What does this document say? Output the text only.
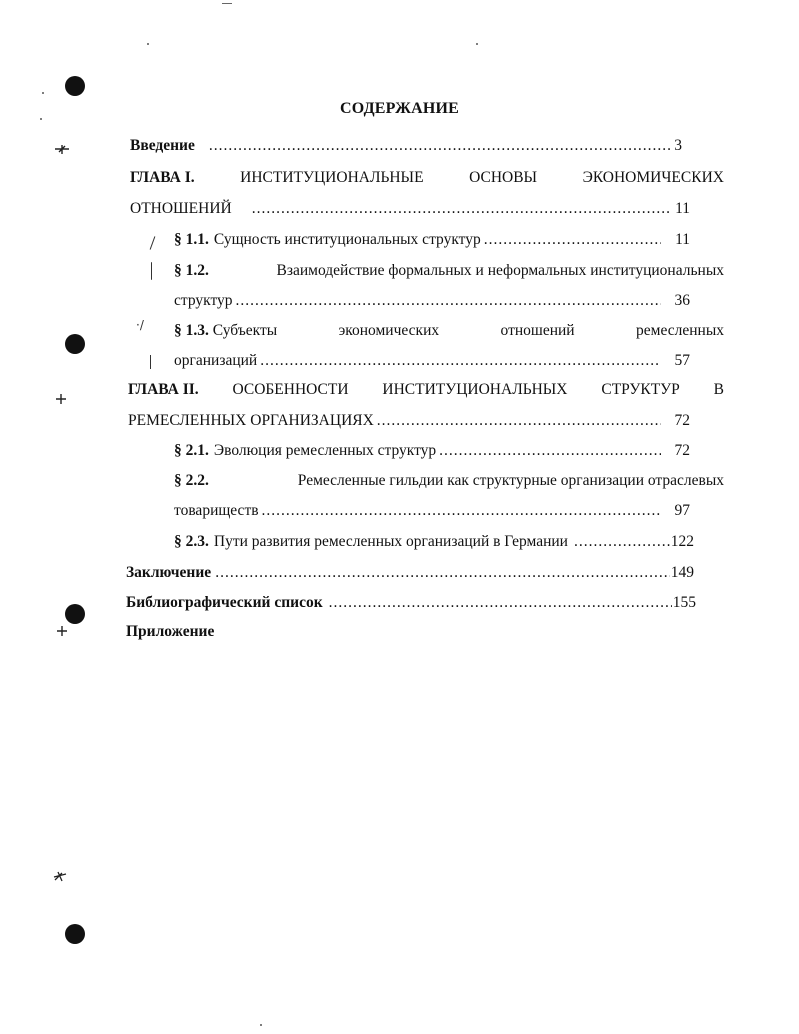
·/
СОДЕРЖАНИЕ
Введение .....	3
ГЛАВА I.	ИНСТИТУЦИОНАЛЬНЫЕ	ОСНОВЫ	ЭКОНОМИЧЕСКИХ
ОТНОШЕНИЙ .....	11
§ 1.1. Сущность институциональных структур .....	11
§ 1.2.	Взаимодействие формальных и неформальных институциональных
структур .....	36
§ 1.3. Субъекты	экономических	отношений	ремесленных
организаций .....	57
ГЛАВА II. ОСОБЕННОСТИ ИНСТИТУЦИОНАЛЬНЫХ СТРУКТУР В
РЕМЕСЛЕННЫХ ОРГАНИЗАЦИЯХ .....	72
§ 2.1. Эволюция ремесленных структур .....	72
§ 2.2.	Ремесленные гильдии как структурные организации отраслевых
товариществ .....	97
§ 2.3. Пути развития ремесленных организаций в Германии .....	122
Заключение .....	149
Библиографический список .....	155
Приложение
